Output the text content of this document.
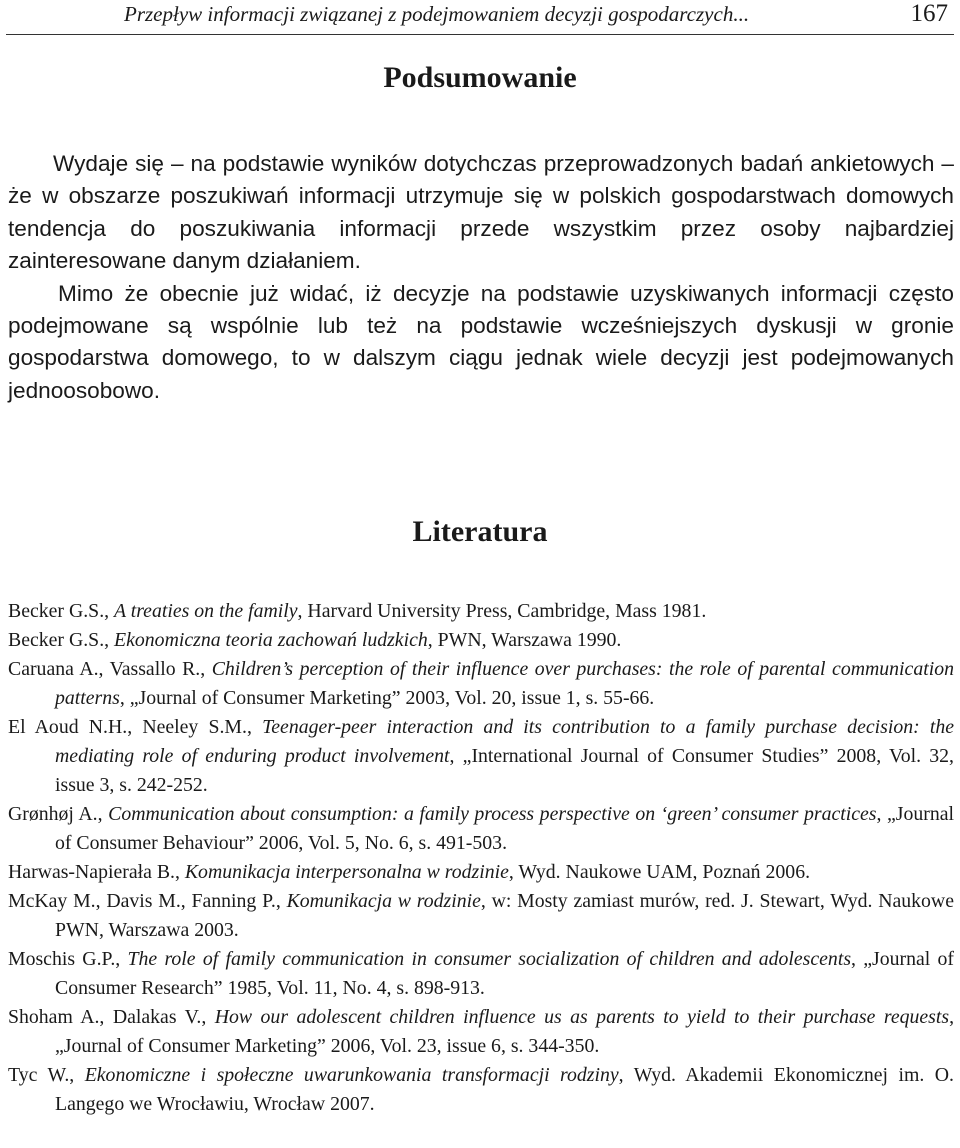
Przepływ informacji związanej z podejmowaniem decyzji gospodarczych...	167
Podsumowanie

Wydaje się – na podstawie wyników dotychczas przeprowadzonych badań ankietowych – że w obszarze poszukiwań informacji utrzymuje się w polskich gospodarstwach domowych tendencja do poszukiwania informacji przede wszystkim przez osoby najbardziej zainteresowane danym działaniem.

Mimo że obecnie już widać, iż decyzje na podstawie uzyskiwanych informacji często podejmowane są wspólnie lub też na podstawie wcześniejszych dyskusji w gronie gospodarstwa domowego, to w dalszym ciągu jednak wiele decyzji jest podejmowanych jednoosobowo.

Literatura

Becker G.S., A treaties on the family, Harvard University Press, Cambridge, Mass 1981.

Becker G.S., Ekonomiczna teoria zachowań ludzkich, PWN, Warszawa 1990.

Caruana A., Vassallo R., Children’s perception of their influence over purchases: the role of parental communication patterns, „Journal of Consumer Marketing” 2003, Vol. 20, issue 1, s. 55-66.

El Aoud N.H., Neeley S.M., Teenager-peer interaction and its contribution to a family purchase decision: the mediating role of enduring product involvement, „International Journal of Consumer Studies” 2008, Vol. 32, issue 3, s. 242-252.

Grønhøj A., Communication about consumption: a family process perspective on ‘green’ consumer practices, „Journal of Consumer Behaviour” 2006, Vol. 5, No. 6, s. 491-503.

Harwas-Napierała B., Komunikacja interpersonalna w rodzinie, Wyd. Naukowe UAM, Poznań 2006.

McKay M., Davis M., Fanning P., Komunikacja w rodzinie, w: Mosty zamiast murów, red. J. Stewart, Wyd. Naukowe PWN, Warszawa 2003.

Moschis G.P., The role of family communication in consumer socialization of children and adolescents, „Journal of Consumer Research” 1985, Vol. 11, No. 4, s. 898-913.

Shoham A., Dalakas V., How our adolescent children influence us as parents to yield to their purchase requests, „Journal of Consumer Marketing” 2006, Vol. 23, issue 6, s. 344-350.

Tyc W., Ekonomiczne i społeczne uwarunkowania transformacji rodziny, Wyd. Akademii Ekonomicznej im. O. Langego we Wrocławiu, Wrocław 2007.
